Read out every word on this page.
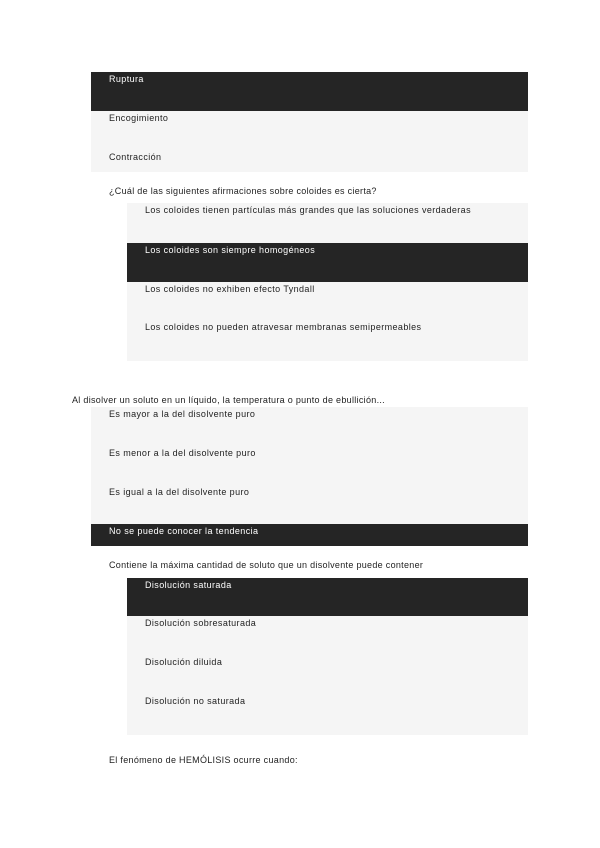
Ruptura
Encogimiento
Contracción
¿Cuál de las siguientes afirmaciones sobre coloides es cierta?
Los coloides tienen partículas más grandes que las soluciones verdaderas
Los coloides son siempre homogéneos
Los coloides no exhiben efecto Tyndall
Los coloides no pueden atravesar membranas semipermeables
Al disolver un soluto en un líquido, la temperatura o punto de ebullición...
Es mayor a la del disolvente puro
Es menor a la del disolvente puro
Es igual a la del disolvente puro
No se puede conocer la tendencia
Contiene la máxima cantidad de soluto que un disolvente puede contener
Disolución saturada
Disolución sobresaturada
Disolución diluida
Disolución no saturada
El fenómeno de HEMÓLISIS ocurre cuando:
